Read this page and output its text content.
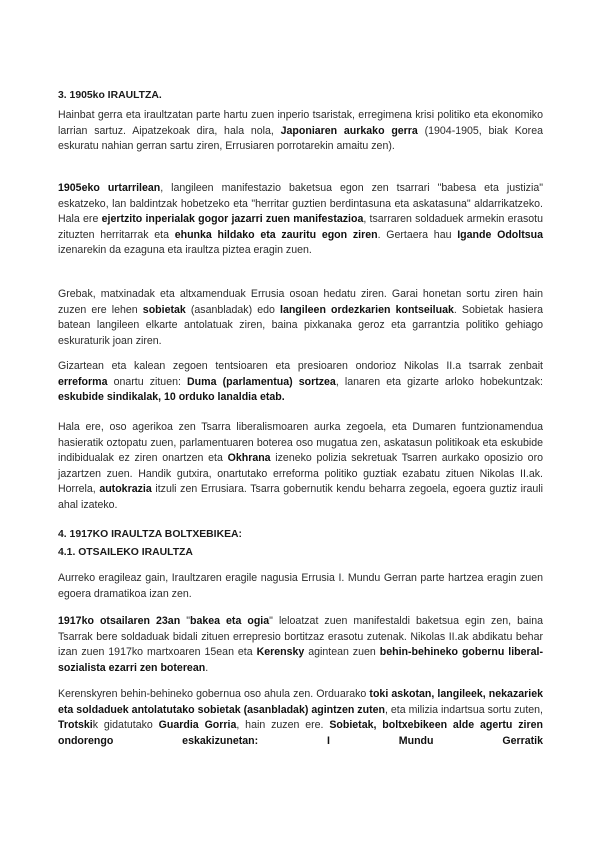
3. 1905ko IRAULTZA.

Hainbat gerra eta iraultzatan parte hartu zuen inperio tsaristak, erregimena krisi politiko eta ekonomiko larrian sartuz. Aipatzekoak dira, hala nola, Japoniaren aurkako gerra (1904-1905, biak Korea eskuratu nahian gerran sartu ziren, Errusiaren porrotarekin amaitu zen).

1905eko urtarrilean, langileen manifestazio baketsua egon zen tsarrari "babesa eta justizia" eskatzeko, lan baldintzak hobetzeko eta "herritar guztien berdintasuna eta askatasuna" aldarrikatzeko. Hala ere ejertzito inperialak gogor jazarri zuen manifestazioa, tsarraren soldaduek armekin erasotu zituzten herritarrak eta ehunka hildako eta zauritu egon ziren. Gertaera hau Igande Odoltsua izenarekin da ezaguna eta iraultza piztea eragin zuen.

Grebak, matxinadak eta altxamenduak Errusia osoan hedatu ziren. Garai honetan sortu ziren hain zuzen ere lehen sobietak (asanbladak) edo langileen ordezkarien kontseiluak. Sobietak hasiera batean langileen elkarte antolatuak ziren, baina pixkanaka geroz eta garrantzia politiko gehiago eskuraturik joan ziren.

Gizartean eta kalean zegoen tentsioaren eta presioaren ondorioz Nikolas II.a tsarrak zenbait erreforma onartu zituen: Duma (parlamentua) sortzea, lanaren eta gizarte arloko hobekuntzak: eskubide sindikalak, 10 orduko lanaldia etab.

Hala ere, oso agerikoa zen Tsarra liberalismoaren aurka zegoela, eta Dumaren funtzionamendua hasieratik oztopatu zuen, parlamentuaren boterea oso mugatua zen, askatasun politikoak eta eskubide indibidualak ez ziren onartzen eta Okhrana izeneko polizia sekretuak Tsarren aurkako oposizio oro jazartzen zuen. Handik gutxira, onartutako erreforma politiko guztiak ezabatu zituen Nikolas II.ak. Horrela, autokrazia itzuli zen Errusiara. Tsarra gobernutik kendu beharra zegoela, egoera guztiz irauli ahal izateko.

4. 1917KO IRAULTZA BOLTXEBIKEA:
4.1. OTSAILEKO IRAULTZA

Aurreko eragileaz gain, Iraultzaren eragile nagusia Errusia I. Mundu Gerran parte hartzea eragin zuen egoera dramatikoa izan zen.

1917ko otsailaren 23an "bakea eta ogia" leloatzat zuen manifestaldi baketsua egin zen, baina Tsarrak bere soldaduak bidali zituen errepresio bortitzaz erasotu zutenak. Nikolas II.ak abdikatu behar izan zuen 1917ko martxoaren 15ean eta Kerensky agintean zuen behin-behineko gobernu liberal-sozialista ezarri zen boterean.

Kerenskyren behin-behineko gobernua oso ahula zen. Orduarako toki askotan, langileek, nekazariek eta soldaduek antolatutako sobietak (asanbladak) agintzen zuten, eta milizia indartsua sortu zuten, Trotskik gidatutako Guardia Gorria, hain zuzen ere. Sobietak, boltxebikeen alde agertu ziren ondorengo eskakizunetan: I Mundu Gerratik
